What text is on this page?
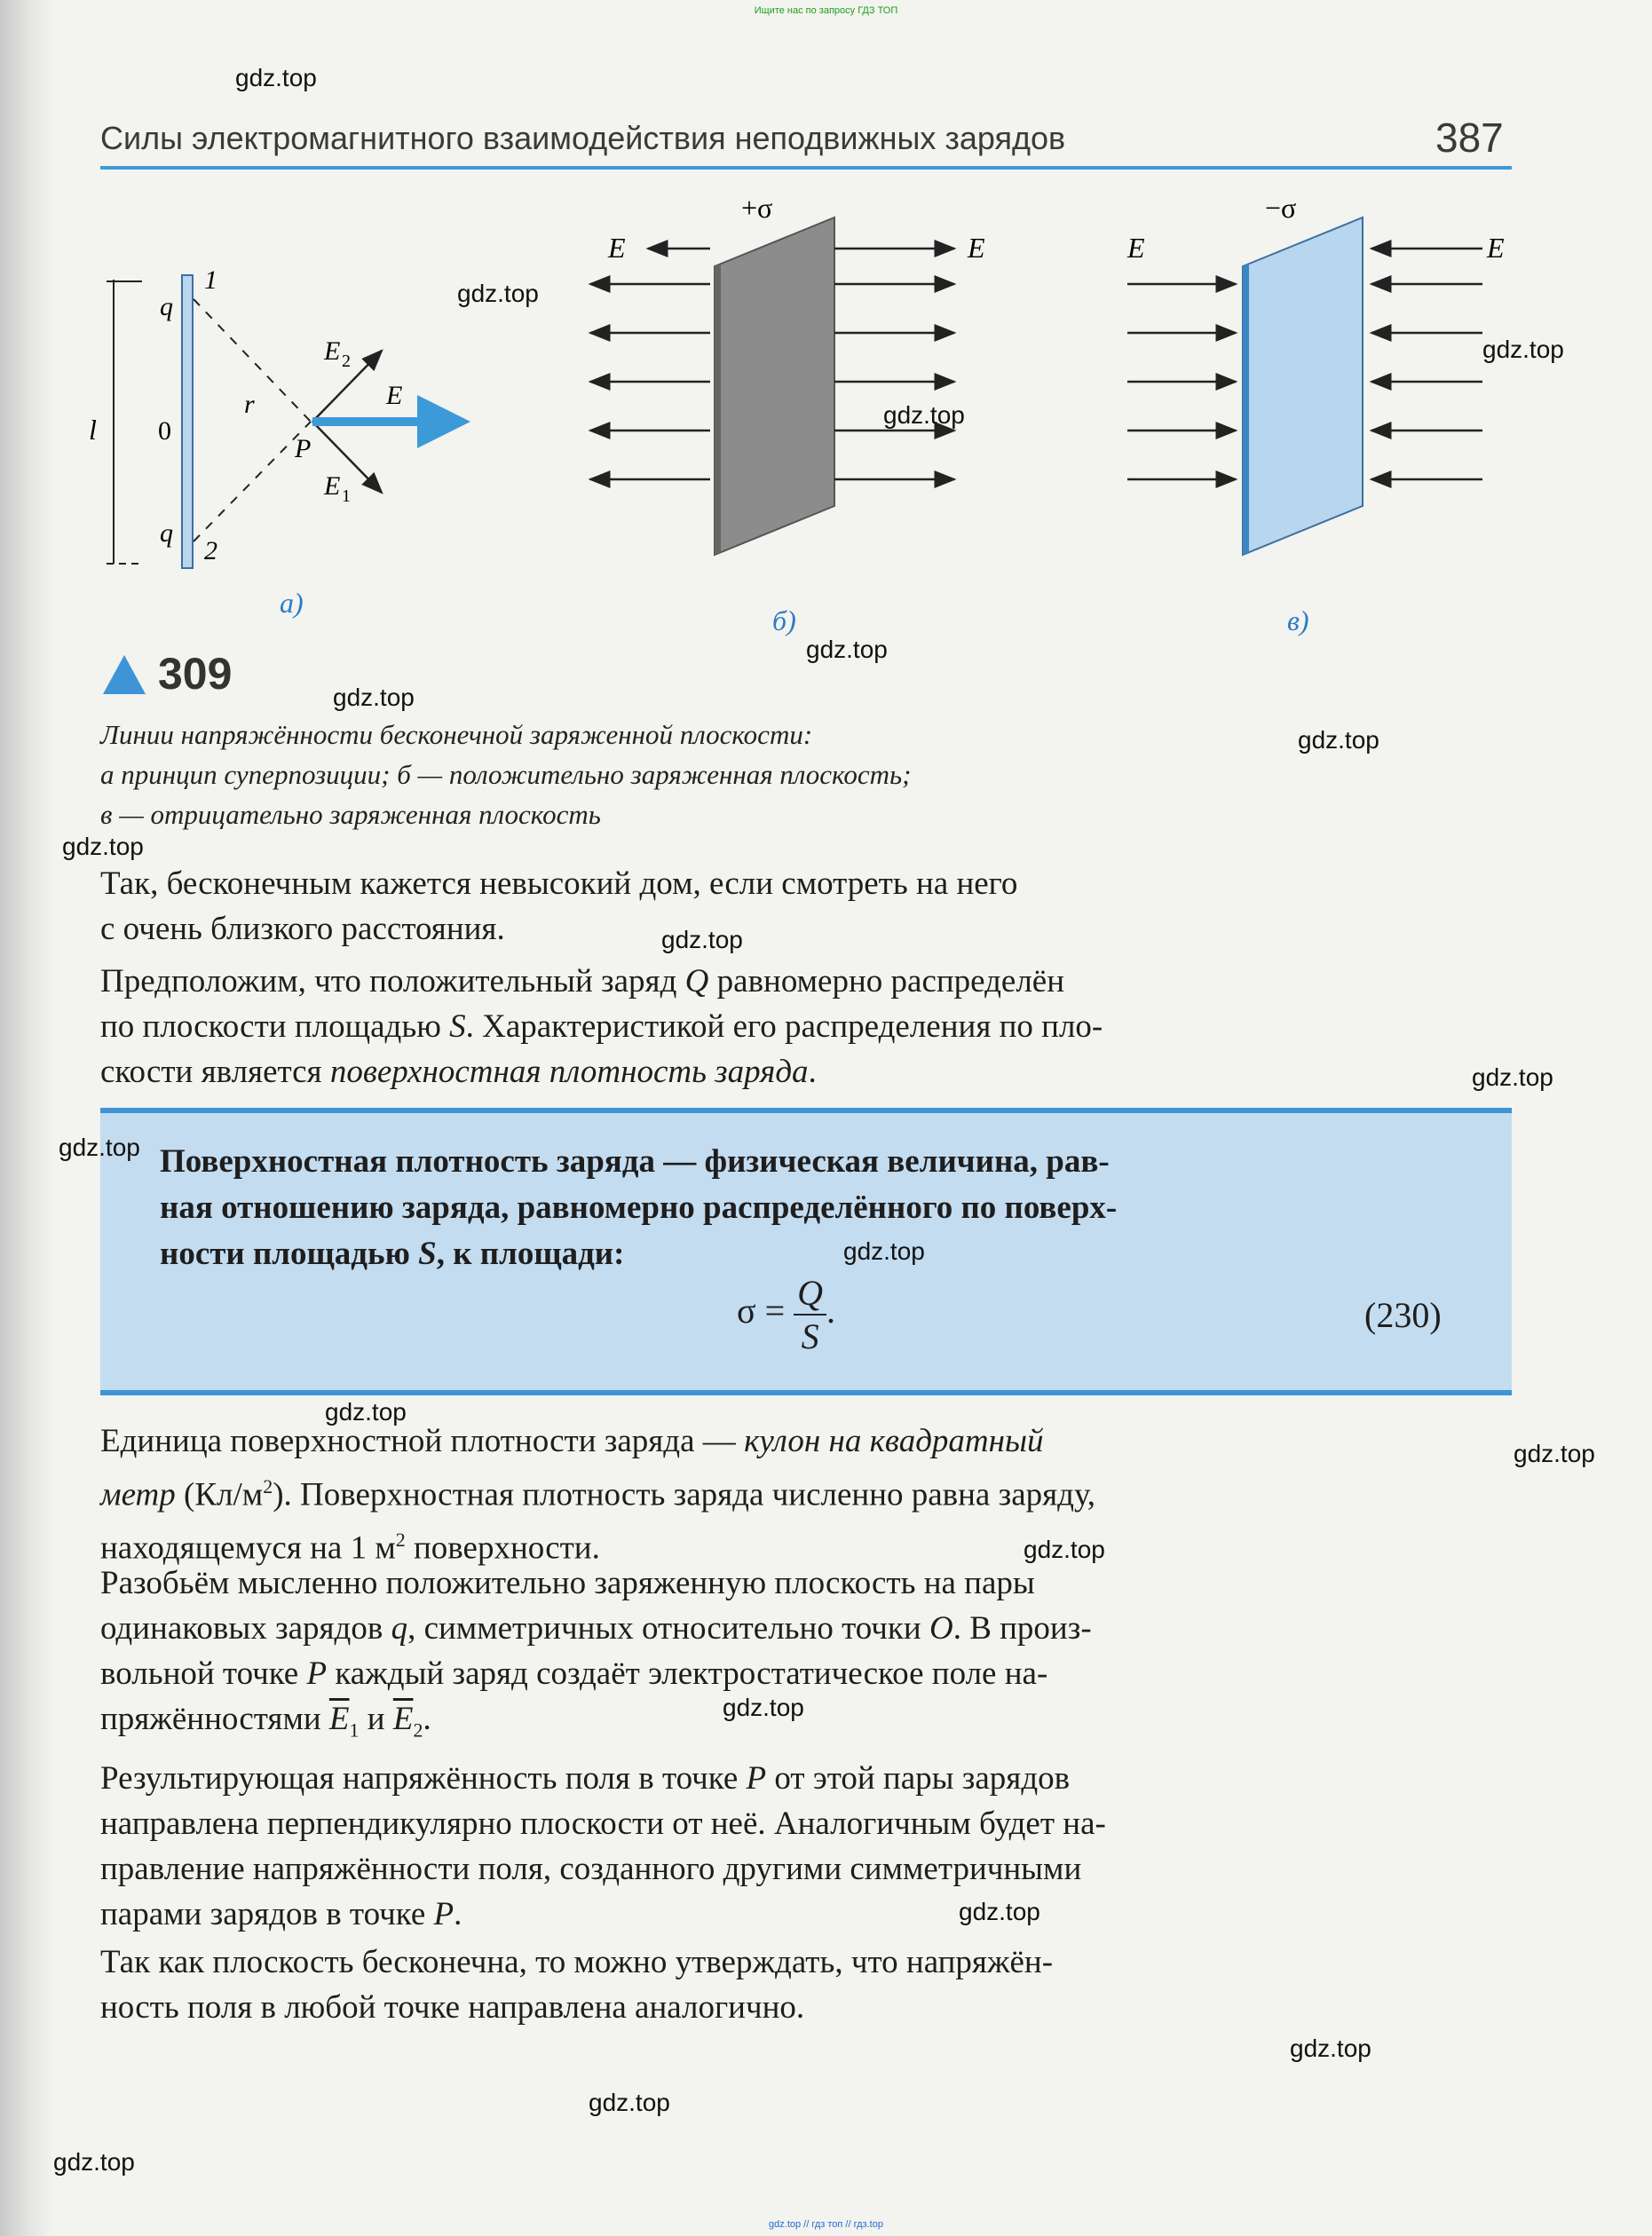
Ищите нас по запросу ГДЗ ТОП
Силы электромагнитного взаимодействия неподвижных зарядов	387
q
1
l 0
q
2
r
P
E 2
E 1
E
а)
+σ
E	E
б)
−σ
E	E
в)
309
Линии напряжённости бесконечной заряженной плоскости:
а принцип суперпозиции; б — положительно заряженная плоскость;
в — отрицательно заряженная плоскость
Так, бесконечным кажется невысокий дом, если смотреть на него
с очень близкого расстояния.
Предположим, что положительный заряд Q равномерно распределён
по плоскости площадью S. Характеристикой его распределения по пло-
скости является поверхностная плотность заряда.
Поверхностная плотность заряда — физическая величина, рав-
ная отношению заряда, равномерно распределённого по поверх-
ности площадью S, к площади:
$\sigma = \frac{Q}{S}$ .	(230)
Единица поверхностной плотности заряда — кулон на квадратный
метр $(Кл/м^2)$. Поверхностная плотность заряда численно равна заряду,
находящемуся на 1 $м^2$ поверхности.
Разобьём мысленно положительно заряженную плоскость на пары
одинаковых зарядов q, симметричных относительно точки O. В произ-
вольной точке P каждый заряд создаёт электростатическое поле на-
пряжённостями $\overline{E}_1$ и $\overline{E}_2$.
Результирующая напряжённость поля в точке P от этой пары зарядов
направлена перпендикулярно плоскости от неё. Аналогичным будет на-
правление напряжённости поля, созданного другими симметричными
парами зарядов в точке P.
Так как плоскость бесконечна, то можно утверждать, что напряжён-
ность поля в любой точке направлена аналогично.
gdz.top
gdz.top
gdz.top
gdz.top
gdz.top
gdz.top
gdz.top
gdz.top
gdz.top
gdz.top
gdz.top
gdz.top
gdz.top
gdz.top
gdz.top
gdz.top
gdz.top
gdz.top
gdz.top
gdz.top
gdz.top // гдз топ // гдз.top
